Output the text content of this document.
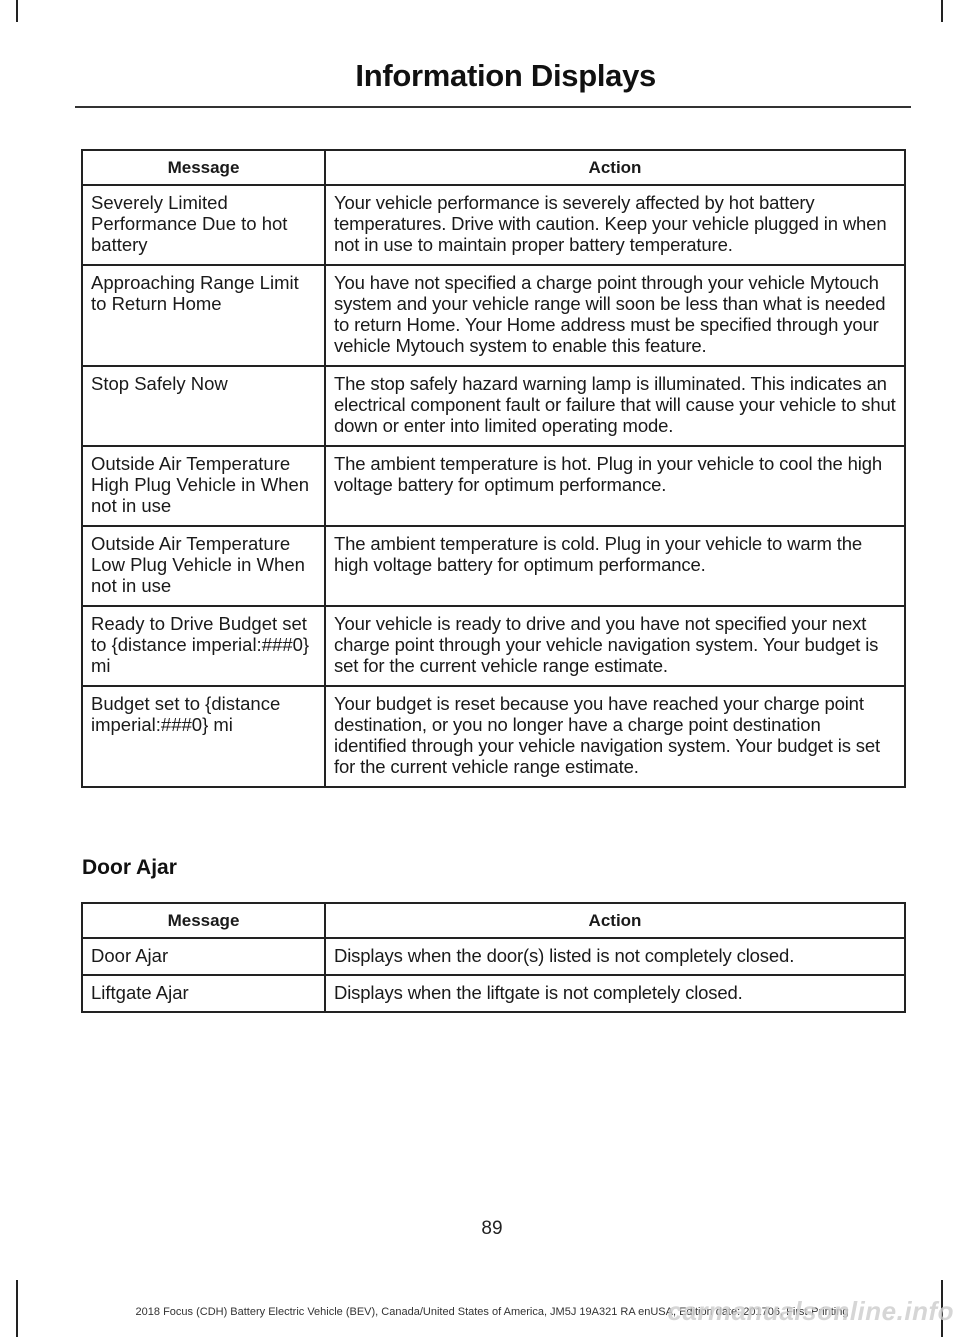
Information Displays
Message	Action
Severely Limited Performance Due to hot battery	Your vehicle performance is severely affected by hot battery temperatures. Drive with caution. Keep your vehicle plugged in when not in use to maintain proper battery temperature.
Approaching Range Limit to Return Home	You have not specified a charge point through your vehicle Mytouch system and your vehicle range will soon be less than what is needed to return Home. Your Home address must be specified through your vehicle Mytouch system to enable this feature.
Stop Safely Now	The stop safely hazard warning lamp is illuminated. This indicates an electrical component fault or failure that will cause your vehicle to shut down or enter into limited operating mode.
Outside Air Temperature High Plug Vehicle in When not in use	The ambient temperature is hot. Plug in your vehicle to cool the high voltage battery for optimum performance.
Outside Air Temperature Low Plug Vehicle in When not in use	The ambient temperature is cold. Plug in your vehicle to warm the high voltage battery for optimum performance.
Ready to Drive Budget set to {distance imperial:###0} mi	Your vehicle is ready to drive and you have not specified your next charge point through your vehicle navigation system. Your budget is set for the current vehicle range estimate.
Budget set to {distance imperial:###0} mi	Your budget is reset because you have reached your charge point destination, or you no longer have a charge point destination identified through your vehicle navigation system. Your budget is set for the current vehicle range estimate.
Door Ajar
Message	Action
Door Ajar	Displays when the door(s) listed is not completely closed.
Liftgate Ajar	Displays when the liftgate is not completely closed.
89
2018 Focus (CDH) Battery Electric Vehicle (BEV), Canada/United States of America, JM5J 19A321 RA enUSA, Edition date: 201706, First-Printing
carmanualsonline.info
